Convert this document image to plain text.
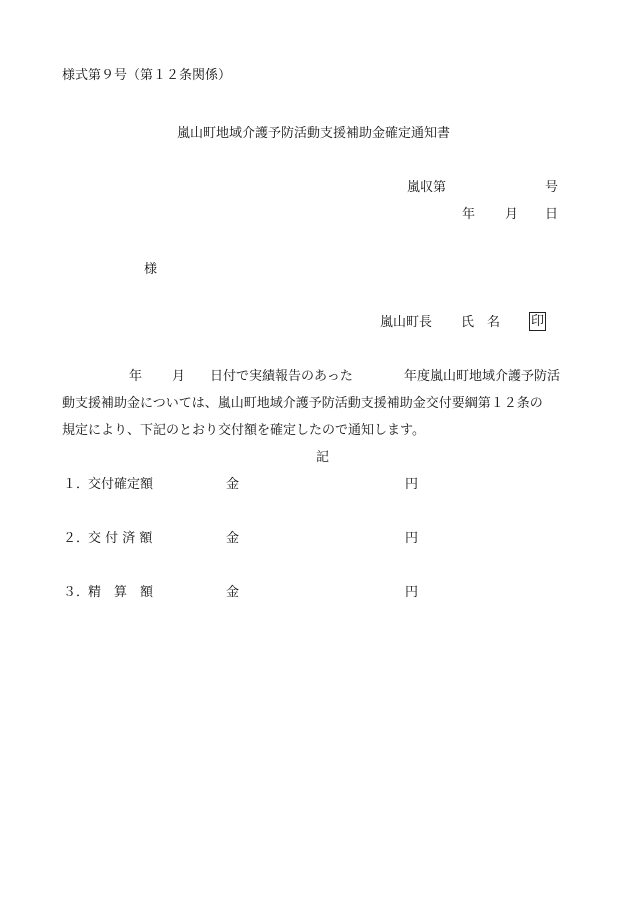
様式第９号（第１２条関係）
嵐山町地域介護予防活動支援補助金確定通知書
嵐収第	号
年 月 日
様
嵐山町長 氏　名 印
年 月 日付で実績報告のあった	年度嵐山町地域介護予防活
動支援補助金については、嵐山町地域介護予防活動支援補助金交付要綱第１２条の
規定により、下記のとおり交付額を確定したので通知します。
記
１．
交付確定額	金	円
２．
交 付 済 額	金	円
３．
精　算　額	金	円
